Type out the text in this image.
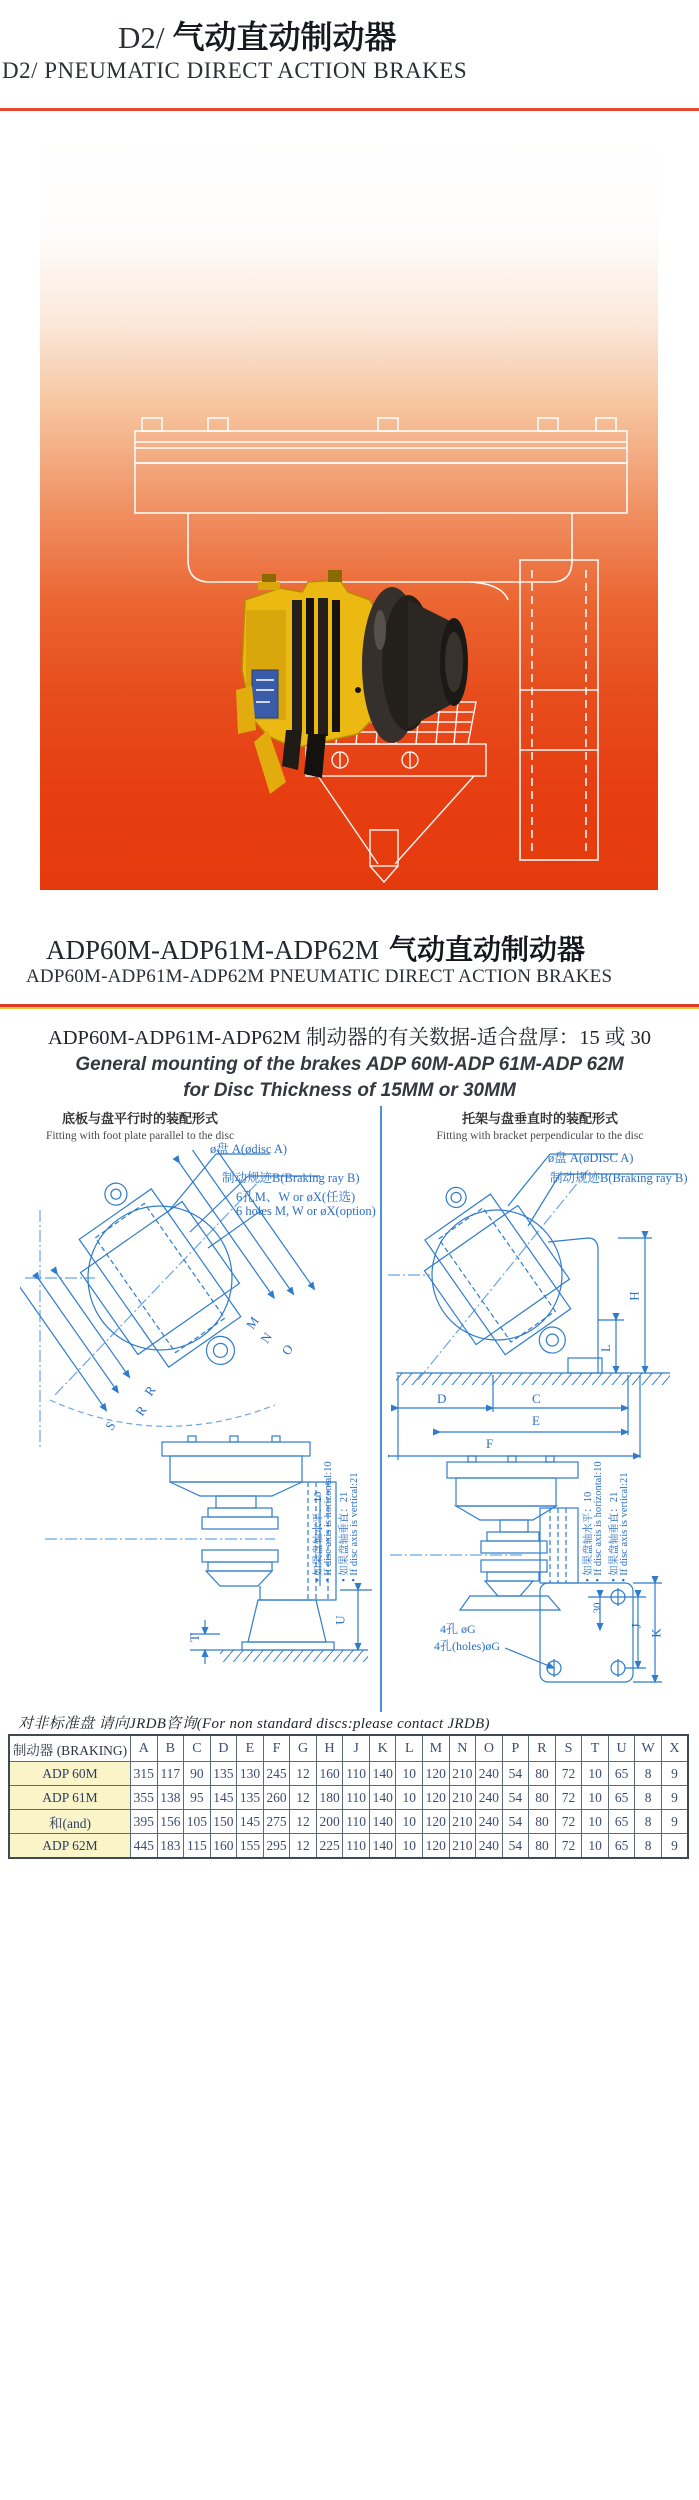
D2/ 气动直动制动器
D2/ PNEUMATIC DIRECT ACTION BRAKES
ADP60M-ADP61M-ADP62M 气动直动制动器
ADP60M-ADP61M-ADP62M PNEUMATIC DIRECT ACTION BRAKES
ADP60M-ADP61M-ADP62M 制动器的有关数据-适合盘厚：15 或 30
General mounting of the brakes ADP 60M-ADP 61M-ADP 62M
for Disc Thickness of 15MM or 30MM
底板与盘平行时的装配形式
Fitting with foot plate parallel to the disc
托架与盘垂直时的装配形式
Fitting with bracket perpendicular to the disc
ø盘 A(ødisc A)
制动规迹B(Braking ray B)
6孔M、W or øX(任选)
6 holes M, W or øX(option)
ø盘 A(øDISC A)
制动规迹B(Braking ray B)
4孔 øG
4孔(holes)øG
M
N
O
R
R
S
T
U
H
L
D	C
E
F
30
J
K
• 如果盘轴水平：10 • If disc axis is horizontal:10 • 如果盘轴垂直：21 • If disc axis is vertical:21	• 如果盘轴水平：10 • If disc axis is horizontal:10 • 如果盘轴垂直：21 • If disc axis is vertical:21
对非标准盘 请向JRDB咨询(For non standard discs:please contact JRDB)
制动器 (BRAKING)	A	B	C	D	E	F	G	H	J	K	L	M	N	O	P	R	S	T	U	W	X
ADP 60M	315	117	90	135	130	245	12	160	110	140	10	120	210	240	54	80	72	10	65	8	9
ADP 61M	355	138	95	145	135	260	12	180	110	140	10	120	210	240	54	80	72	10	65	8	9
和(and)	395	156	105	150	145	275	12	200	110	140	10	120	210	240	54	80	72	10	65	8	9
ADP 62M	445	183	115	160	155	295	12	225	110	140	10	120	210	240	54	80	72	10	65	8	9
